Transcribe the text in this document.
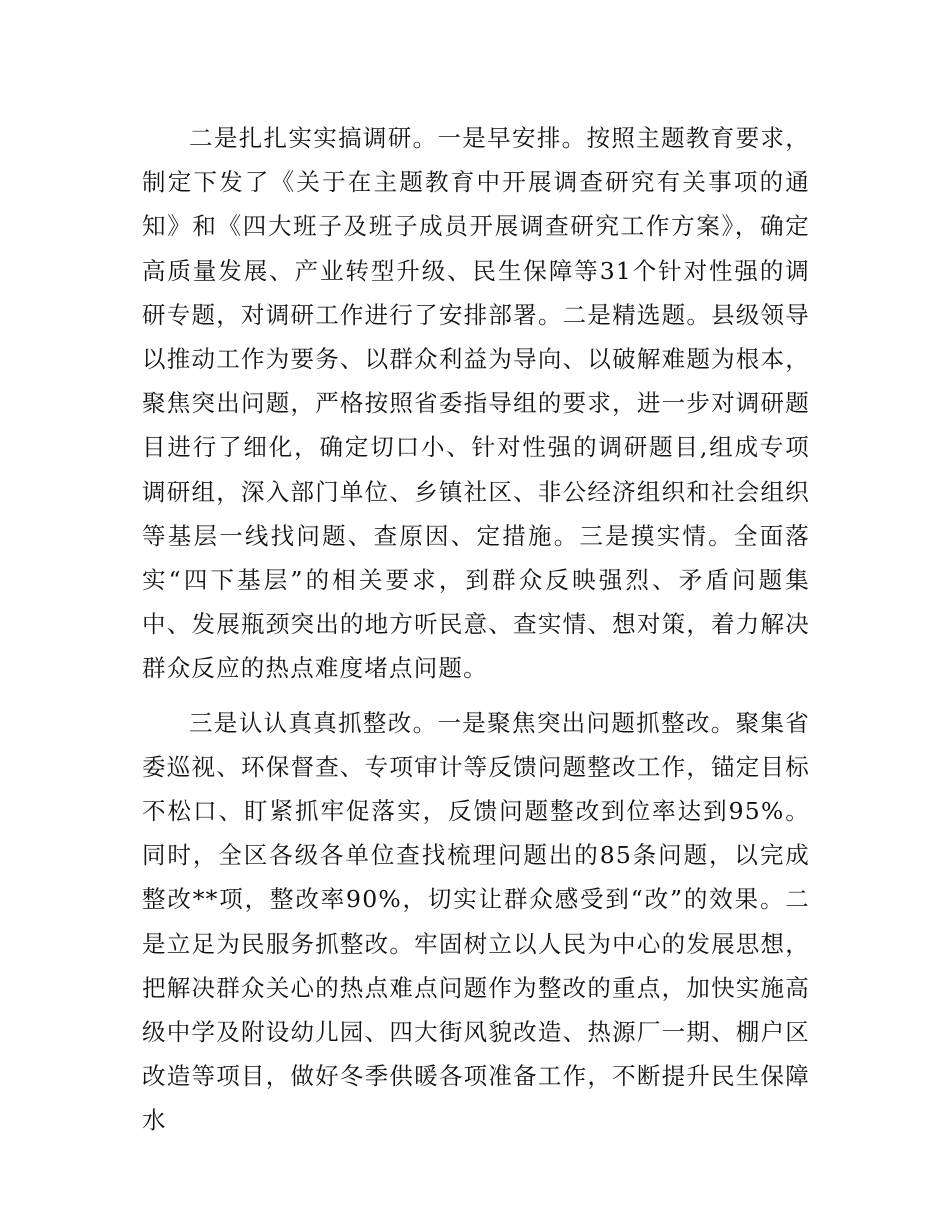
二是扎扎实实搞调研。一是早安排。按照主题教育要求，制定下发了《关于在主题教育中开展调查研究有关事项的通知》和《四大班子及班子成员开展调查研究工作方案》，确定高质量发展、产业转型升级、民生保障等31个针对性强的调研专题，对调研工作进行了安排部署。二是精选题。县级领导以推动工作为要务、以群众利益为导向、以破解难题为根本，聚焦突出问题，严格按照省委指导组的要求，进一步对调研题目进行了细化，确定切口小、针对性强的调研题目,组成专项调研组，深入部门单位、乡镇社区、非公经济组织和社会组织等基层一线找问题、查原因、定措施。三是摸实情。全面落实“四下基层”的相关要求，到群众反映强烈、矛盾问题集中、发展瓶颈突出的地方听民意、查实情、想对策，着力解决群众反应的热点难度堵点问题。

三是认认真真抓整改。一是聚焦突出问题抓整改。聚集省委巡视、环保督查、专项审计等反馈问题整改工作，锚定目标不松口、盯紧抓牢促落实，反馈问题整改到位率达到95%。同时，全区各级各单位查找梳理问题出的85条问题，以完成整改**项，整改率90%，切实让群众感受到“改”的效果。二是立足为民服务抓整改。牢固树立以人民为中心的发展思想，把解决群众关心的热点难点问题作为整改的重点，加快实施高级中学及附设幼儿园、四大街风貌改造、热源厂一期、棚户区改造等项目，做好冬季供暖各项准备工作，不断提升民生保障水
